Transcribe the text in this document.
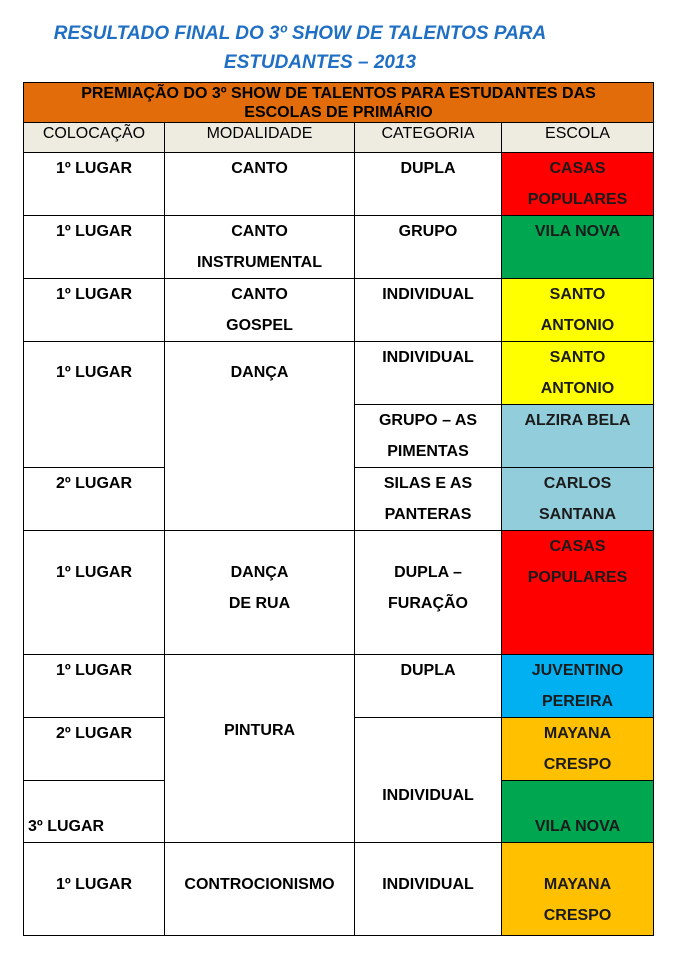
RESULTADO FINAL DO 3º SHOW DE TALENTOS PARA
ESTUDANTES – 2013
PREMIAÇÃO DO 3º SHOW DE TALENTOS PARA ESTUDANTES DAS
ESCOLAS DE PRIMÁRIO			

COLOCAÇÃO	MODALIDADE	CATEGORIA	ESCOLA

1º LUGAR	CANTO	DUPLA	CASAS
POPULARES

1º LUGAR	CANTO
INSTRUMENTAL	GRUPO	VILA NOVA

1º LUGAR	CANTO
GOSPEL	INDIVIDUAL	SANTO
ANTONIO

1º LUGAR	DANÇA	INDIVIDUAL	SANTO
ANTONIO

		GRUPO – AS
PIMENTAS	ALZIRA BELA

2º LUGAR		SILAS E AS
PANTERAS	CARLOS
SANTANA

1º LUGAR	DANÇA
DE RUA	DUPLA –
FURAÇÃO	CASAS
POPULARES

1º LUGAR	PINTURA	DUPLA	JUVENTINO
PEREIRA

2º LUGAR		INDIVIDUAL	MAYANA
CRESPO

3º LUGAR			VILA NOVA

1º LUGAR	CONTROCIONISMO	INDIVIDUAL	MAYANA
CRESPO
